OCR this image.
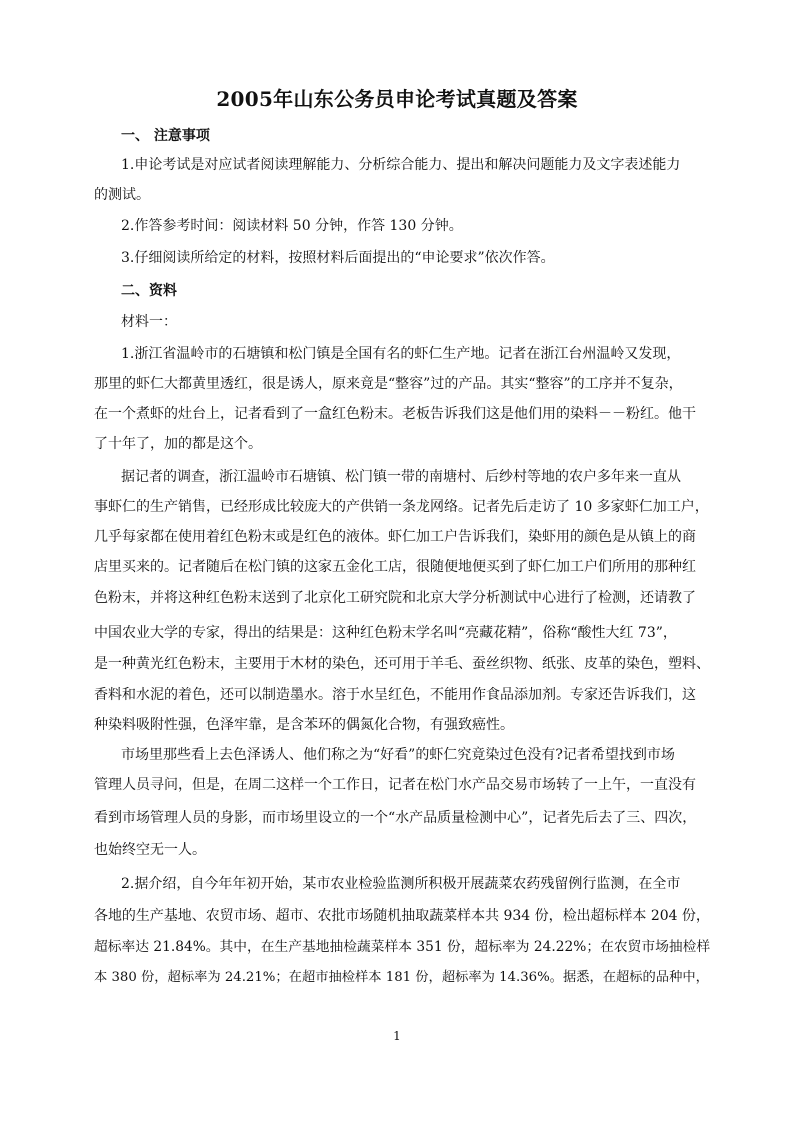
2005年山东公务员申论考试真题及答案
一、 注意事项
1.申论考试是对应试者阅读理解能力、分析综合能力、提出和解决问题能力及文字表述能力
的测试。
2.作答参考时间：阅读材料 50 分钟，作答 130 分钟。
3.仔细阅读所给定的材料，按照材料后面提出的“申论要求”依次作答。
二、资料
材料一：
1.浙江省温岭市的石塘镇和松门镇是全国有名的虾仁生产地。记者在浙江台州温岭又发现，
那里的虾仁大都黄里透红，很是诱人，原来竟是“整容”过的产品。其实“整容”的工序并不复杂，
在一个煮虾的灶台上，记者看到了一盒红色粉末。老板告诉我们这是他们用的染料－－粉红。他干
了十年了，加的都是这个。
据记者的调查，浙江温岭市石塘镇、松门镇一带的南塘村、后纱村等地的农户多年来一直从
事虾仁的生产销售，已经形成比较庞大的产供销一条龙网络。记者先后走访了 10 多家虾仁加工户，
几乎每家都在使用着红色粉末或是红色的液体。虾仁加工户告诉我们，染虾用的颜色是从镇上的商
店里买来的。记者随后在松门镇的这家五金化工店，很随便地便买到了虾仁加工户们所用的那种红
色粉末，并将这种红色粉末送到了北京化工研究院和北京大学分析测试中心进行了检测，还请教了
中国农业大学的专家，得出的结果是：这种红色粉末学名叫“亮藏花精”，俗称“酸性大红 73”，
是一种黄光红色粉末，主要用于木材的染色，还可用于羊毛、蚕丝织物、纸张、皮革的染色，塑料、
香料和水泥的着色，还可以制造墨水。溶于水呈红色，不能用作食品添加剂。专家还告诉我们，这
种染料吸附性强，色泽牢靠，是含苯环的偶氮化合物，有强致癌性。
市场里那些看上去色泽诱人、他们称之为“好看”的虾仁究竟染过色没有?记者希望找到市场
管理人员寻问，但是，在周二这样一个工作日，记者在松门水产品交易市场转了一上午，一直没有
看到市场管理人员的身影，而市场里设立的一个“水产品质量检测中心”，记者先后去了三、四次，
也始终空无一人。
2.据介绍，自今年年初开始，某市农业检验监测所积极开展蔬菜农药残留例行监测，在全市
各地的生产基地、农贸市场、超市、农批市场随机抽取蔬菜样本共 934 份，检出超标样本 204 份，
超标率达 21.84%。其中，在生产基地抽检蔬菜样本 351 份，超标率为 24.22%；在农贸市场抽检样
本 380 份，超标率为 24.21%；在超市抽检样本 181 份，超标率为 14.36%。据悉，在超标的品种中，
1
